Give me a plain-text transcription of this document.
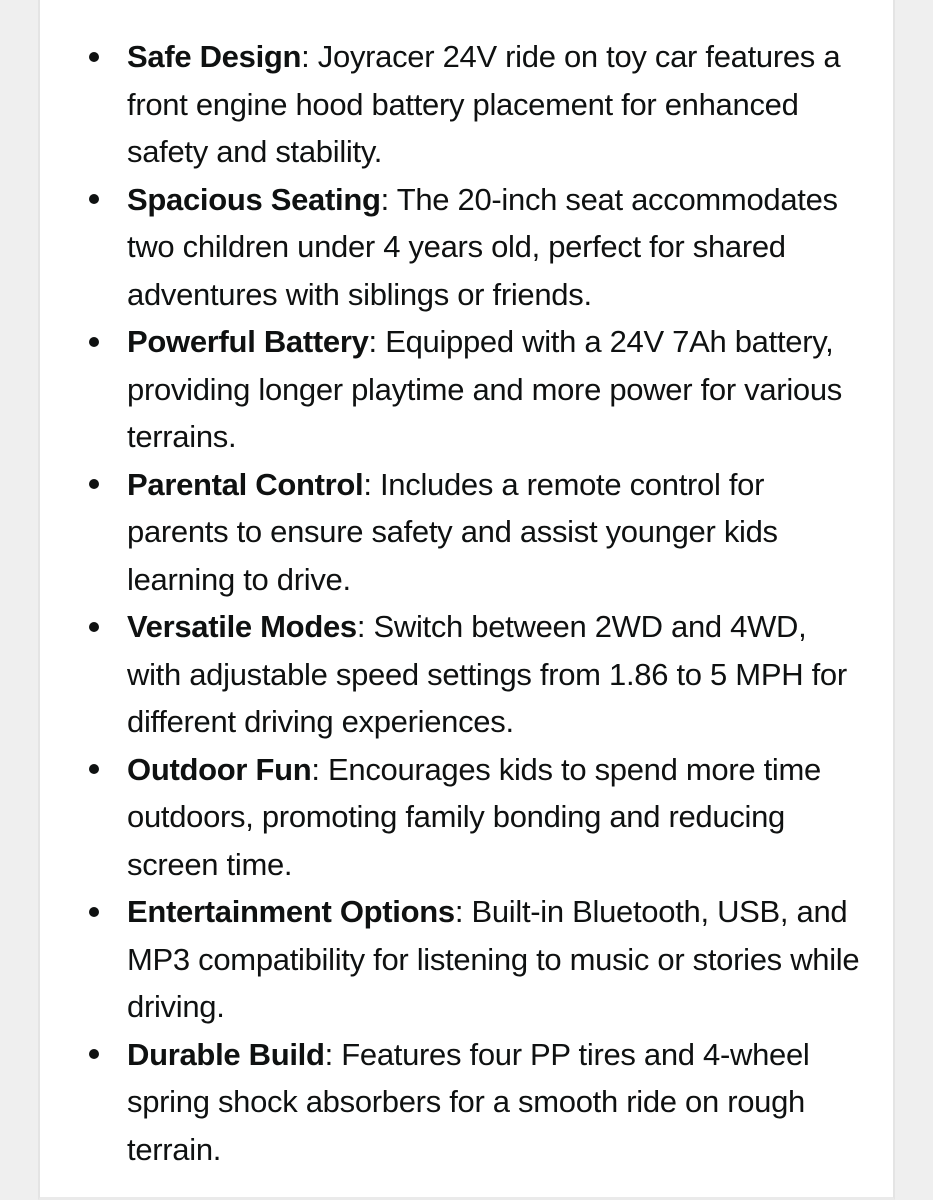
Safe Design: Joyracer 24V ride on toy car features a front engine hood battery placement for enhanced safety and stability.

Spacious Seating: The 20-inch seat accommodates two children under 4 years old, perfect for shared adventures with siblings or friends.

Powerful Battery: Equipped with a 24V 7Ah battery, providing longer playtime and more power for various terrains.

Parental Control: Includes a remote control for parents to ensure safety and assist younger kids learning to drive.

Versatile Modes: Switch between 2WD and 4WD, with adjustable speed settings from 1.86 to 5 MPH for different driving experiences.

Outdoor Fun: Encourages kids to spend more time outdoors, promoting family bonding and reducing screen time.

Entertainment Options: Built-in Bluetooth, USB, and MP3 compatibility for listening to music or stories while driving.

Durable Build: Features four PP tires and 4-wheel spring shock absorbers for a smooth ride on rough terrain.
